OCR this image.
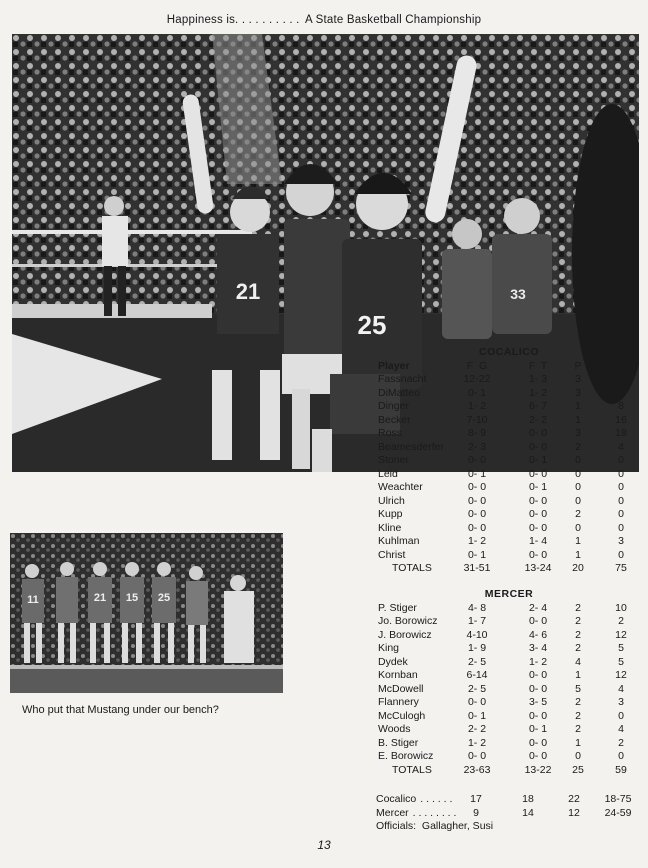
Happiness is. . . . . . . . . . A State Basketball Championship
21
25
33
11	21 15 25
Who put that Mustang under our bench?
COCALICO
Player	F  G	F  T	P	PTS
Fassnacht	12-22	1- 3	3	25
DiMatteo	0- 1	1- 2	3	1
Dinger	1- 2	6- 7	1	8
Becker	7-10	2- 2	1	16
Ross	8- 9	0- 0	3	18
Beamesderfer	2- 3	0- 0	2	4
Stoner	0- 0	0- 1	0	0
Leid	0- 1	0- 0	0	0
Weachter	0- 0	0- 1	0	0
Ulrich	0- 0	0- 0	0	0
Kupp	0- 0	0- 0	2	0
Kline	0- 0	0- 0	0	0
Kuhlman	1- 2	1- 4	1	3
Christ	0- 1	0- 0	1	0
TOTALS	31-51	13-24	20	75
MERCER
P. Stiger	4- 8	2- 4	2	10
Jo. Borowicz	1- 7	0- 0	2	2
J. Borowicz	4-10	4- 6	2	12
King	1- 9	3- 4	2	5
Dydek	2- 5	1- 2	4	5
Kornban	6-14	0- 0	1	12
McDowell	2- 5	0- 0	5	4
Flannery	0- 0	3- 5	2	3
McCulogh	0- 1	0- 0	2	0
Woods	2- 2	0- 1	2	4
B. Stiger	1- 2	0- 0	1	2
E. Borowicz	0- 0	0- 0	0	0
TOTALS	23-63	13-22	25	59
Cocalico . . . . . .	17	18	22	18-75
Mercer . . . . . . . .	9	14	12	24-59
Officials:  Gallagher, Susi
13
